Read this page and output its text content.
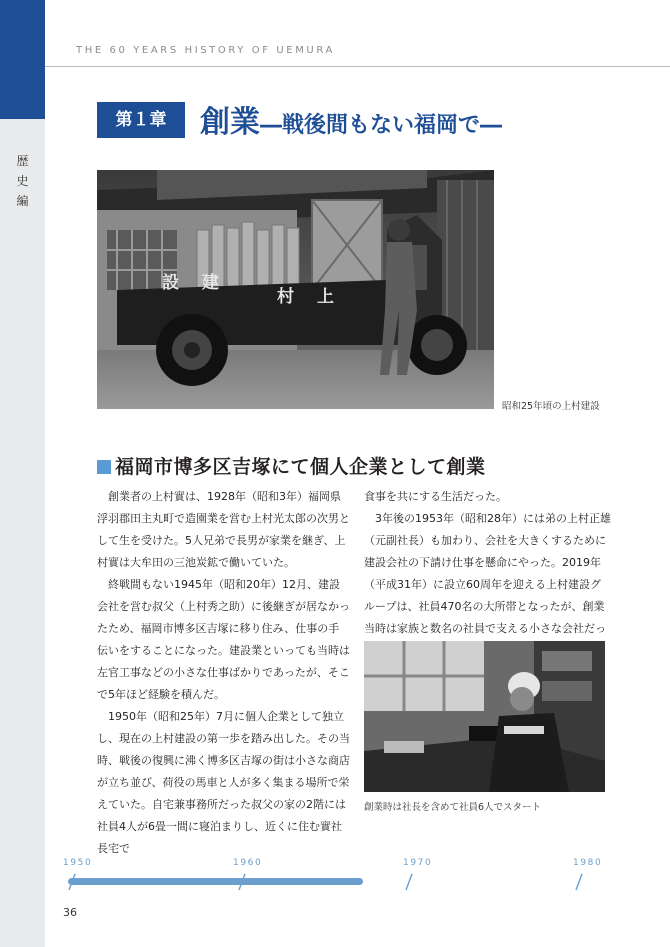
歴
史
編
THE 60 YEARS HISTORY OF UEMURA
第１章	創業―戦後間もない福岡で―
設 建
村 上
昭和25年頃の上村建設
福岡市博多区吉塚にて個人企業として創業

創業者の上村實は、1928年（昭和3年）福岡県浮羽郡田主丸町で造園業を営む上村光太郎の次男として生を受けた。5人兄弟で長男が家業を継ぎ、上村實は大牟田の三池炭鉱で働いていた。

終戦間もない1945年（昭和20年）12月、建設会社を営む叔父（上村秀之助）に後継ぎが居なかったため、福岡市博多区吉塚に移り住み、仕事の手伝いをすることになった。建設業といっても当時は左官工事などの小さな仕事ばかりであったが、そこで5年ほど経験を積んだ。

1950年（昭和25年）7月に個人企業として独立し、現在の上村建設の第一歩を踏み出した。その当時、戦後の復興に沸く博多区吉塚の街は小さな商店が立ち並び、荷役の馬車と人が多く集まる場所で栄えていた。自宅兼事務所だった叔父の家の2階には社員4人が6畳一間に寝泊まりし、近くに住む實社長宅で

食事を共にする生活だった。

3年後の1953年（昭和28年）には弟の上村正雄（元副社長）も加わり、会社を大きくするために建設会社の下請け仕事を懸命にやった。2019年（平成31年）に設立60周年を迎える上村建設グループは、社員470名の大所帯となったが、創業当時は家族と数名の社員で支える小さな会社だっ

創業時は社長を含めて社員6人でスタート
1950	1960	1970	1980
36
